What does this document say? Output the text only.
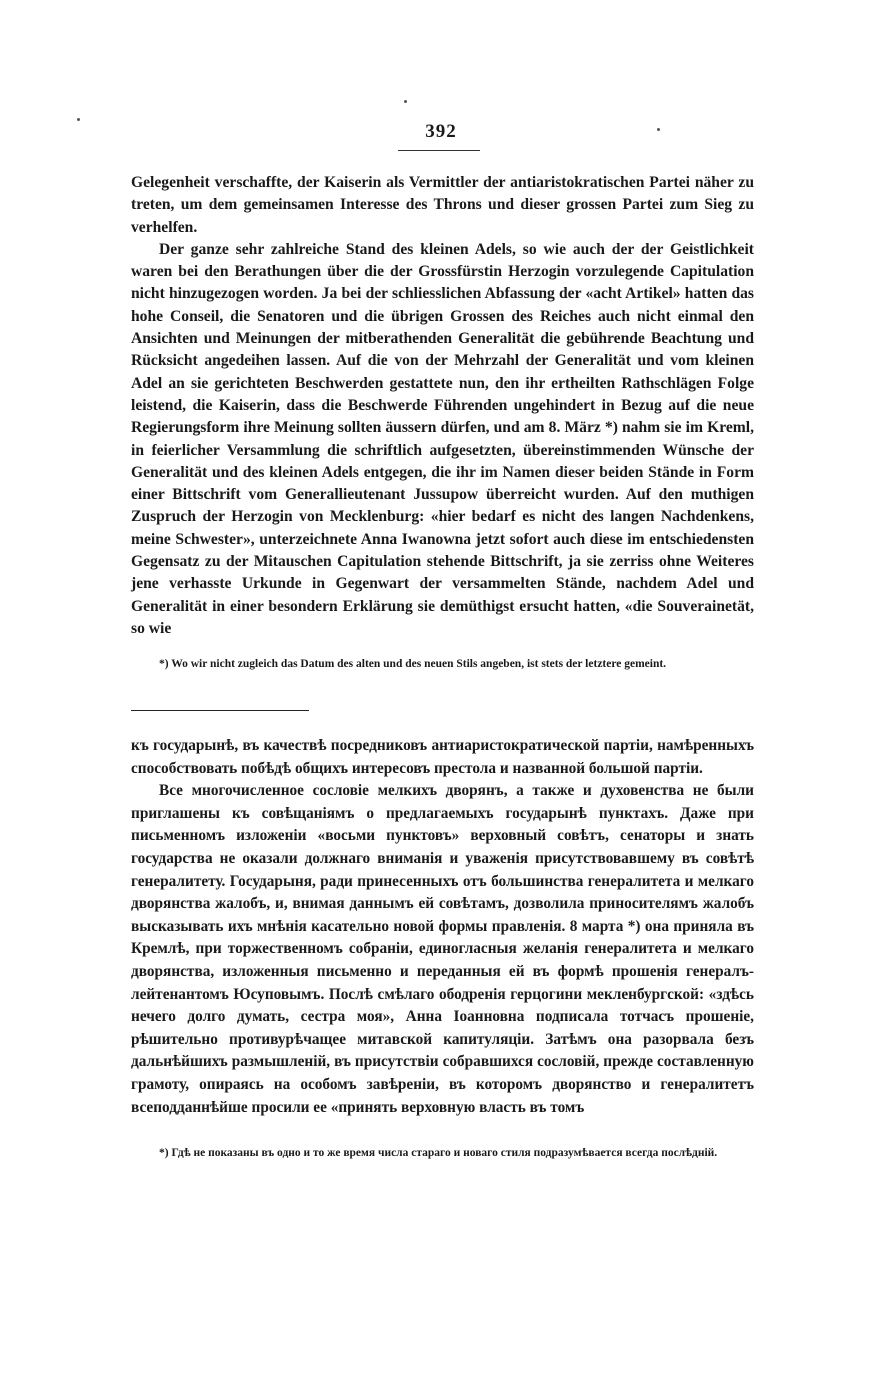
392

Gelegenheit verschaffte, der Kaiserin als Vermittler der antiaristokratischen Partei näher zu treten, um dem gemeinsamen Interesse des Throns und dieser grossen Partei zum Sieg zu verhelfen.

Der ganze sehr zahlreiche Stand des kleinen Adels, so wie auch der der Geistlichkeit waren bei den Berathungen über die der Grossfürstin Herzogin vorzulegende Capitulation nicht hinzugezogen worden. Ja bei der schliesslichen Abfassung der «acht Artikel» hatten das hohe Conseil, die Senatoren und die übrigen Grossen des Reiches auch nicht einmal den Ansichten und Meinungen der mitberathenden Generalität die gebührende Beachtung und Rücksicht angedeihen lassen. Auf die von der Mehrzahl der Generalität und vom kleinen Adel an sie gerichteten Beschwerden gestattete nun, den ihr ertheilten Rathschlägen Folge leistend, die Kaiserin, dass die Beschwerde Führenden ungehindert in Bezug auf die neue Regierungsform ihre Meinung sollten äussern dürfen, und am 8. März *) nahm sie im Kreml, in feierlicher Versammlung die schriftlich aufgesetzten, übereinstimmenden Wünsche der Generalität und des kleinen Adels entgegen, die ihr im Namen dieser beiden Stände in Form einer Bittschrift vom Generallieutenant Jussupow überreicht wurden. Auf den muthigen Zuspruch der Herzogin von Mecklenburg: «hier bedarf es nicht des langen Nachdenkens, meine Schwester», unterzeichnete Anna Iwanowna jetzt sofort auch diese im entschiedensten Gegensatz zu der Mitauschen Capitulation stehende Bittschrift, ja sie zerriss ohne Weiteres jene verhasste Urkunde in Gegenwart der versammelten Stände, nachdem Adel und Generalität in einer besondern Erklärung sie demüthigst ersucht hatten, «die Souverainetät, so wie

*) Wo wir nicht zugleich das Datum des alten und des neuen Stils angeben, ist stets der letztere gemeint.

къ государынѣ, въ качествѣ посредниковъ антиаристократической партіи, намѣренныхъ способствовать побѣдѣ общихъ интересовъ престола и названной большой партіи.

Все многочисленное сословіе мелкихъ дворянъ, а также и духовенства не были приглашены къ совѣщаніямъ о предлагаемыхъ государынѣ пунктахъ. Даже при письменномъ изложеніи «восьми пунктовъ» верховный совѣтъ, сенаторы и знать государства не оказали должнаго вниманія и уваженія присутствовавшему въ совѣтѣ генералитету. Государыня, ради принесенныхъ отъ большинства генералитета и мелкаго дворянства жалобъ, и, внимая даннымъ ей совѣтамъ, дозволила приносителямъ жалобъ высказывать ихъ мнѣнія касательно новой формы правленія. 8 марта *) она приняла въ Кремлѣ, при торжественномъ собраніи, единогласныя желанія генералитета и мелкаго дворянства, изложенныя письменно и переданныя ей въ формѣ прошенія генералъ-лейтенантомъ Юсуповымъ. Послѣ смѣлаго ободренія герцогини мекленбургской: «здѣсь нечего долго думать, сестра моя», Анна Іоанновна подписала тотчасъ прошеніе, рѣшительно противурѣчащее митавской капитуляціи. Затѣмъ она разорвала безъ дальнѣйшихъ размышленій, въ присутствіи собравшихся сословій, прежде составленную грамоту, опираясь на особомъ завѣреніи, въ которомъ дворянство и генералитетъ всеподданнѣйше просили ее «принять верховную власть въ томъ

*) Гдѣ не показаны въ одно и то же время числа стараго и новаго стиля подразумѣвается всегда послѣдній.
